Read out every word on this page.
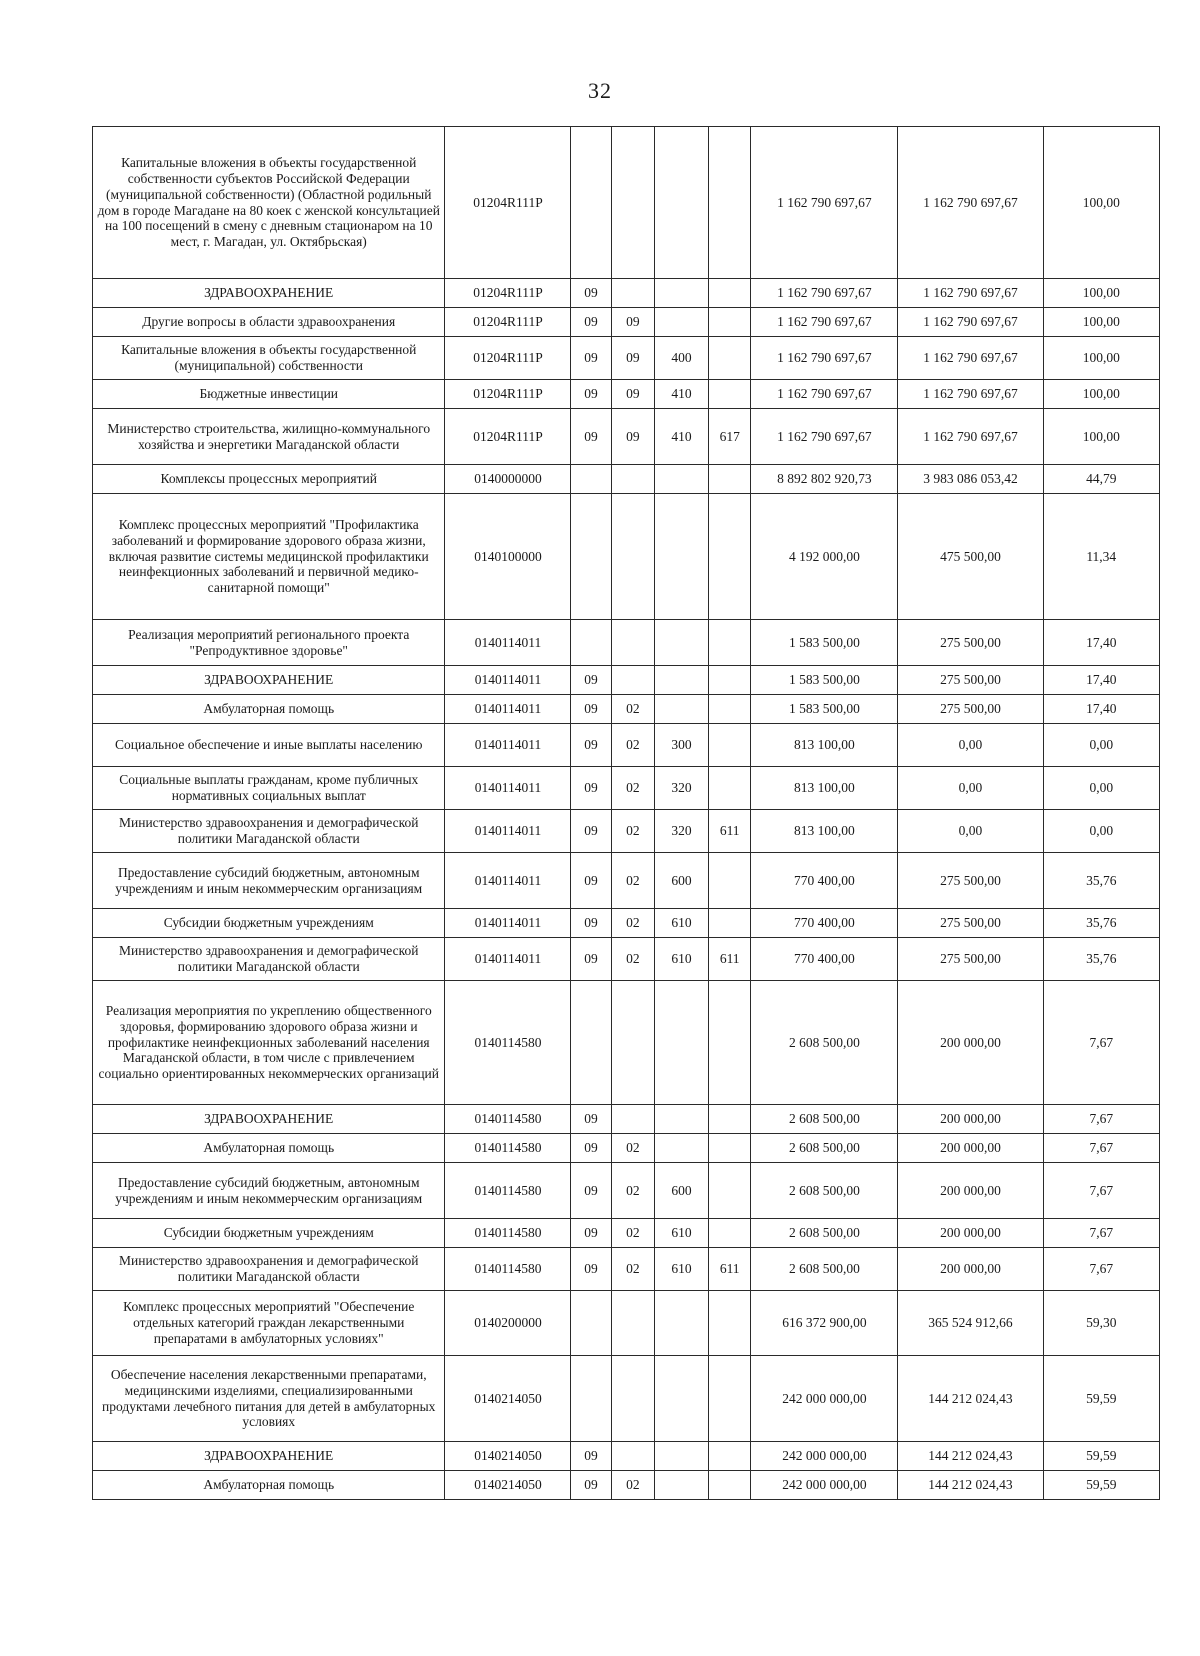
32
Капитальные вложения в объекты государственной собственности субъектов Российской Федерации (муниципальной собственности) (Областной родильный дом в городе Магадане на 80 коек с женской консультацией на 100 посещений в смену с дневным стационаром на 10 мест, г. Магадан, ул. Октябрьская)	01204R111P					1 162 790 697,67	1 162 790 697,67	100,00
ЗДРАВООХРАНЕНИЕ	01204R111P	09				1 162 790 697,67	1 162 790 697,67	100,00
Другие вопросы в области здравоохранения	01204R111P	09	09			1 162 790 697,67	1 162 790 697,67	100,00
Капитальные вложения в объекты государственной (муниципальной) собственности	01204R111P	09	09	400		1 162 790 697,67	1 162 790 697,67	100,00
Бюджетные инвестиции	01204R111P	09	09	410		1 162 790 697,67	1 162 790 697,67	100,00
Министерство строительства, жилищно-коммунального хозяйства и энергетики Магаданской области	01204R111P	09	09	410	617	1 162 790 697,67	1 162 790 697,67	100,00
Комплексы процессных мероприятий	0140000000					8 892 802 920,73	3 983 086 053,42	44,79
Комплекс процессных мероприятий "Профилактика заболеваний и формирование здорового образа жизни, включая развитие системы медицинской профилактики неинфекционных заболеваний и первичной медико-санитарной помощи"	0140100000					4 192 000,00	475 500,00	11,34
Реализация мероприятий регионального проекта "Репродуктивное здоровье"	0140114011					1 583 500,00	275 500,00	17,40
ЗДРАВООХРАНЕНИЕ	0140114011	09				1 583 500,00	275 500,00	17,40
Амбулаторная помощь	0140114011	09	02			1 583 500,00	275 500,00	17,40
Социальное обеспечение и иные выплаты населению	0140114011	09	02	300		813 100,00	0,00	0,00
Социальные выплаты гражданам, кроме публичных нормативных социальных выплат	0140114011	09	02	320		813 100,00	0,00	0,00
Министерство здравоохранения и демографической политики Магаданской области	0140114011	09	02	320	611	813 100,00	0,00	0,00
Предоставление субсидий бюджетным, автономным учреждениям и иным некоммерческим организациям	0140114011	09	02	600		770 400,00	275 500,00	35,76
Субсидии бюджетным учреждениям	0140114011	09	02	610		770 400,00	275 500,00	35,76
Министерство здравоохранения и демографической политики Магаданской области	0140114011	09	02	610	611	770 400,00	275 500,00	35,76
Реализация мероприятия по укреплению общественного здоровья, формированию здорового образа жизни и профилактике неинфекционных заболеваний населения Магаданской области, в том числе с привлечением социально ориентированных некоммерческих организаций	0140114580					2 608 500,00	200 000,00	7,67
ЗДРАВООХРАНЕНИЕ	0140114580	09				2 608 500,00	200 000,00	7,67
Амбулаторная помощь	0140114580	09	02			2 608 500,00	200 000,00	7,67
Предоставление субсидий бюджетным, автономным учреждениям и иным некоммерческим организациям	0140114580	09	02	600		2 608 500,00	200 000,00	7,67
Субсидии бюджетным учреждениям	0140114580	09	02	610		2 608 500,00	200 000,00	7,67
Министерство здравоохранения и демографической политики Магаданской области	0140114580	09	02	610	611	2 608 500,00	200 000,00	7,67
Комплекс процессных мероприятий "Обеспечение отдельных категорий граждан лекарственными препаратами в амбулаторных условиях"	0140200000					616 372 900,00	365 524 912,66	59,30
Обеспечение населения лекарственными препаратами, медицинскими изделиями, специализированными продуктами лечебного питания для детей в амбулаторных условиях	0140214050					242 000 000,00	144 212 024,43	59,59
ЗДРАВООХРАНЕНИЕ	0140214050	09				242 000 000,00	144 212 024,43	59,59
Амбулаторная помощь	0140214050	09	02			242 000 000,00	144 212 024,43	59,59
